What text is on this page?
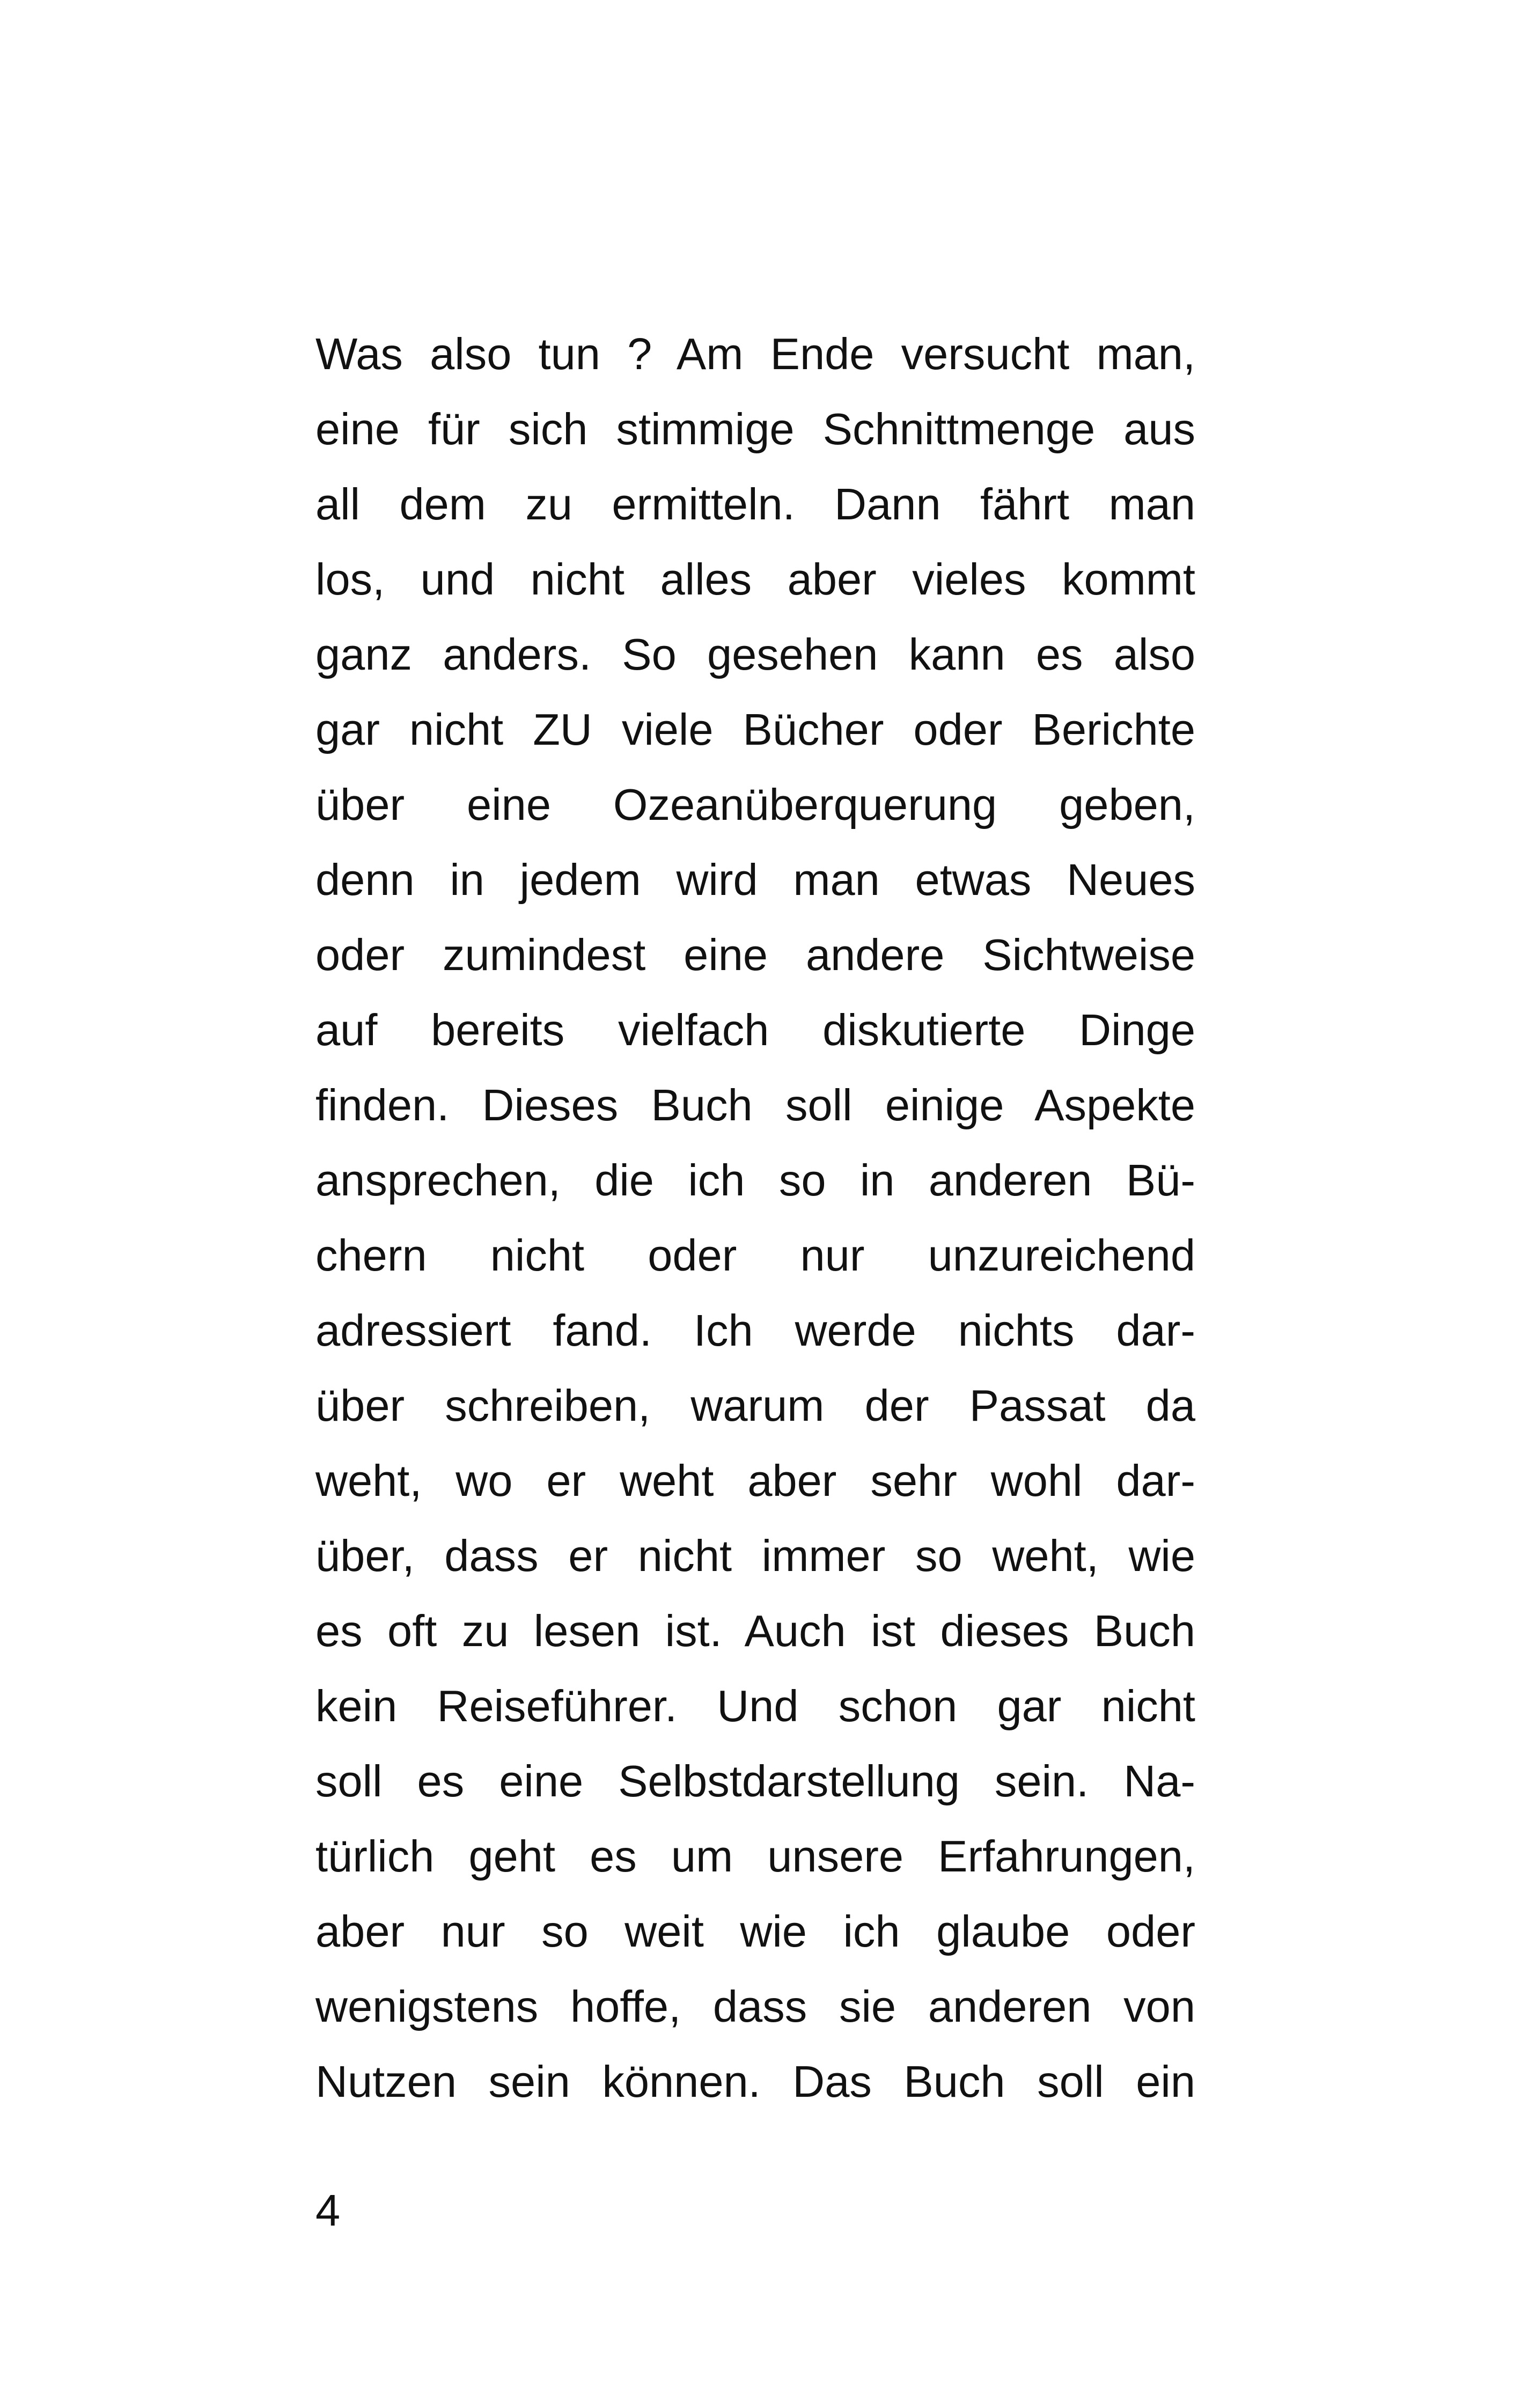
Was also tun ? Am Ende versucht man,
eine für sich stimmige Schnittmenge aus
all dem zu ermitteln. Dann fährt man
los, und nicht alles aber vieles kommt
ganz anders. So gesehen kann es also
gar nicht ZU viele Bücher oder Berichte
über eine Ozeanüberquerung geben,
denn in jedem wird man etwas Neues
oder zumindest eine andere Sichtweise
auf bereits vielfach diskutierte Dinge
finden. Dieses Buch soll einige Aspekte
ansprechen, die ich so in anderen Bü-
chern nicht oder nur unzureichend
adressiert fand. Ich werde nichts dar-
über schreiben, warum der Passat da
weht, wo er weht aber sehr wohl dar-
über, dass er nicht immer so weht, wie
es oft zu lesen ist. Auch ist dieses Buch
kein Reiseführer. Und schon gar nicht
soll es eine Selbstdarstellung sein. Na-
türlich geht es um unsere Erfahrungen,
aber nur so weit wie ich glaube oder
wenigstens hoffe, dass sie anderen von
Nutzen sein können. Das Buch soll ein
4
